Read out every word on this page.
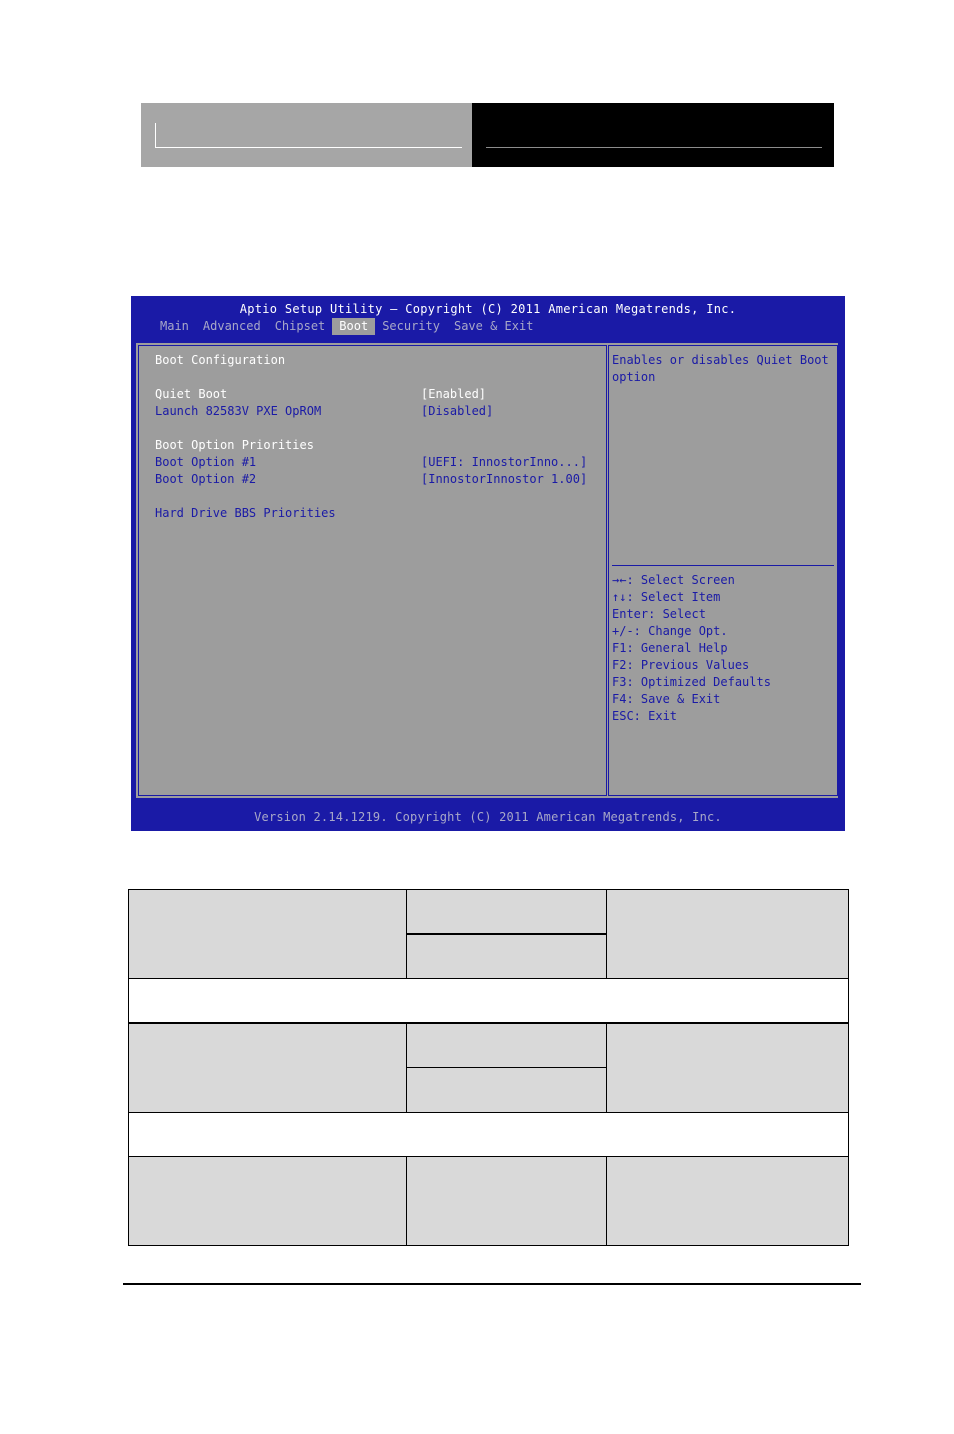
Aptio Setup Utility – Copyright (C) 2011 American Megatrends, Inc.
Main	Advanced	Chipset	Boot	Security	Save & Exit
Boot Configuration
Quiet Boot	[Enabled]
Launch 82583V PXE OpROM	[Disabled]
Boot Option Priorities
Boot Option #1	[UEFI: InnostorInno...]
Boot Option #2	[InnostorInnostor 1.00]
Hard Drive BBS Priorities
Enables or disables Quiet Boot
option
→←: Select Screen
↑↓: Select Item
Enter: Select
+/-: Change Opt.
F1: General Help
F2: Previous Values
F3: Optimized Defaults
F4: Save & Exit
ESC: Exit
Version 2.14.1219. Copyright (C) 2011 American Megatrends, Inc.
